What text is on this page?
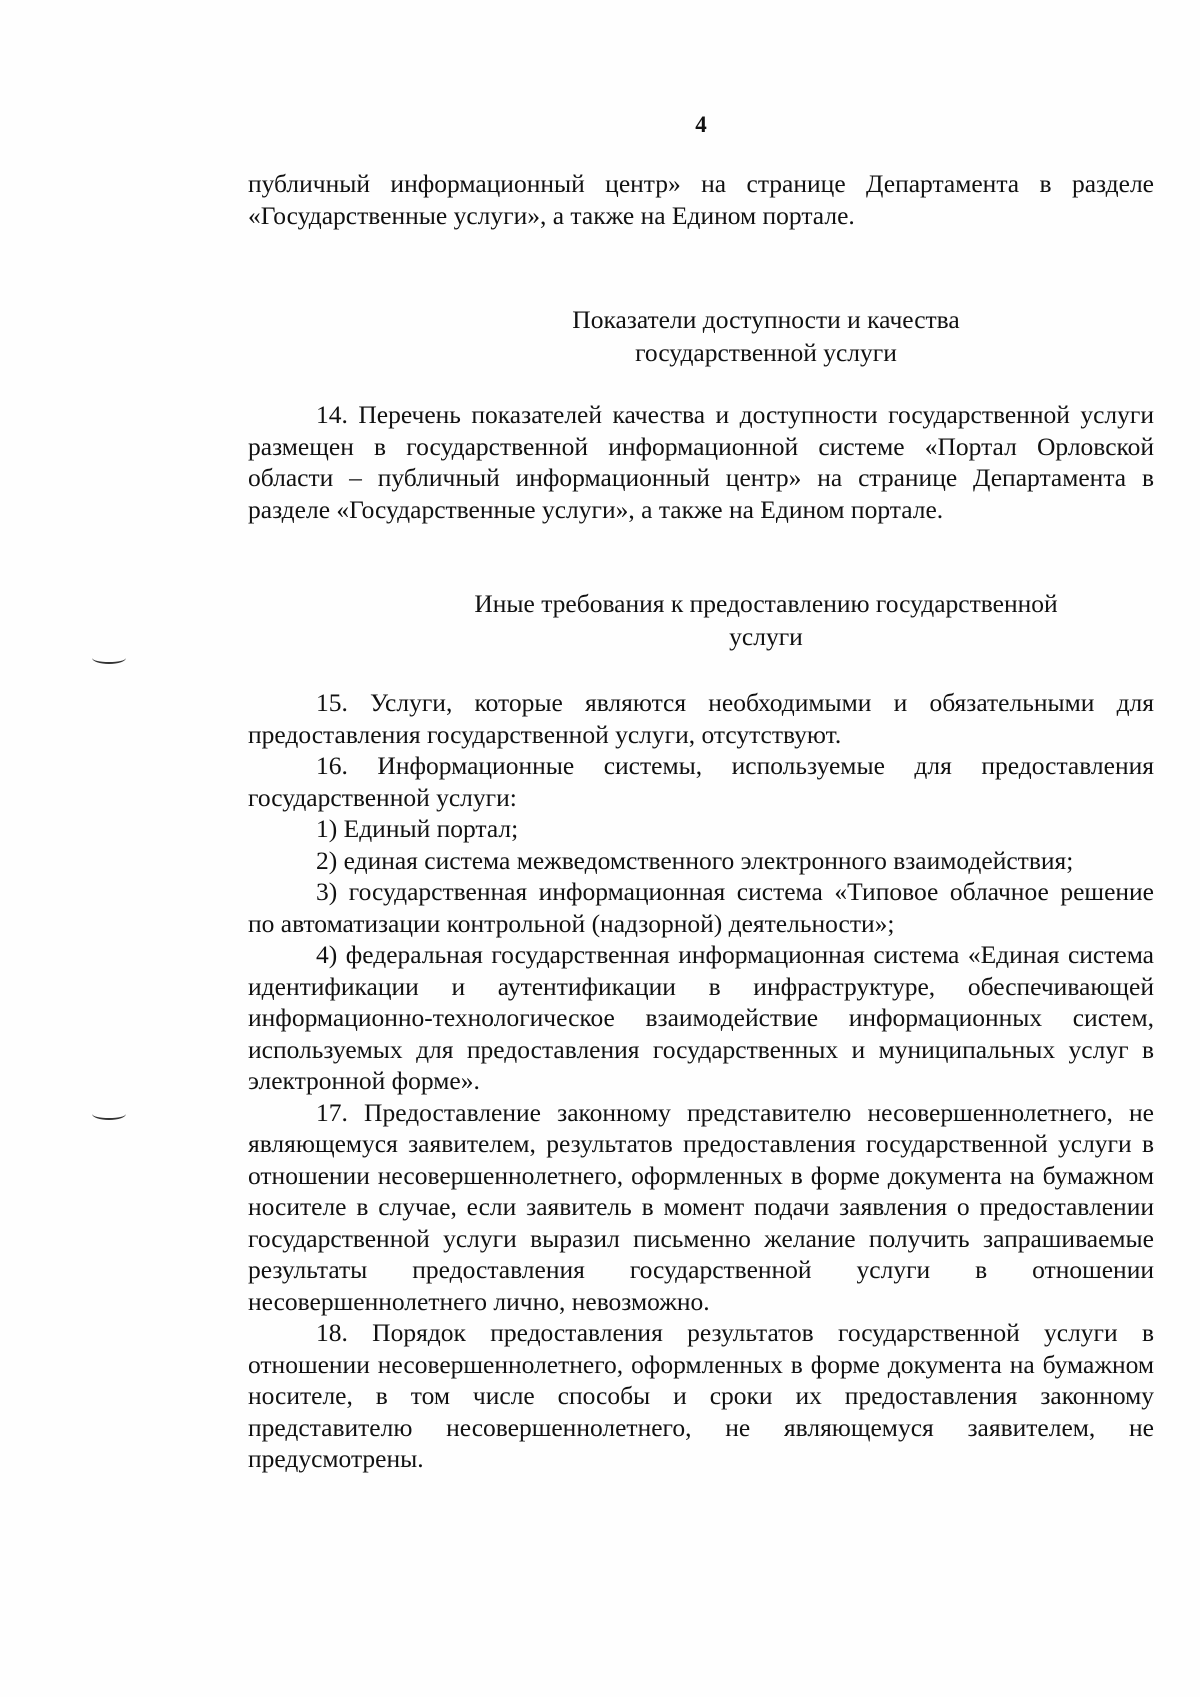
4

публичный информационный центр» на странице Департамента в разделе «Государственные услуги», а также на Едином портале.

Показатели доступности и качества

государственной услуги

14. Перечень показателей качества и доступности государственной услуги размещен в государственной информационной системе «Портал Орловской области – публичный информационный центр» на странице Департамента в разделе «Государственные услуги», а также на Едином портале.

Иные требования к предоставлению государственной

услуги

15. Услуги, которые являются необходимыми и обязательными для предоставления государственной услуги, отсутствуют.

16. Информационные системы, используемые для предоставления государственной услуги:

1) Единый портал;

2) единая система межведомственного электронного взаимодействия;

3) государственная информационная система «Типовое облачное решение по автоматизации контрольной (надзорной) деятельности»;

4) федеральная государственная информационная система «Единая система идентификации и аутентификации в инфраструктуре, обеспечивающей информационно-технологическое взаимодействие информационных систем, используемых для предоставления государственных и муниципальных услуг в электронной форме».

17. Предоставление законному представителю несовершеннолетнего, не являющемуся заявителем, результатов предоставления государственной услуги в отношении несовершеннолетнего, оформленных в форме документа на бумажном носителе в случае, если заявитель в момент подачи заявления о предоставлении государственной услуги выразил письменно желание получить запрашиваемые результаты предоставления государственной услуги в отношении несовершеннолетнего лично, невозможно.

18. Порядок предоставления результатов государственной услуги в отношении несовершеннолетнего, оформленных в форме документа на бумажном носителе, в том числе способы и сроки их предоставления законному представителю несовершеннолетнего, не являющемуся заявителем, не предусмотрены.
